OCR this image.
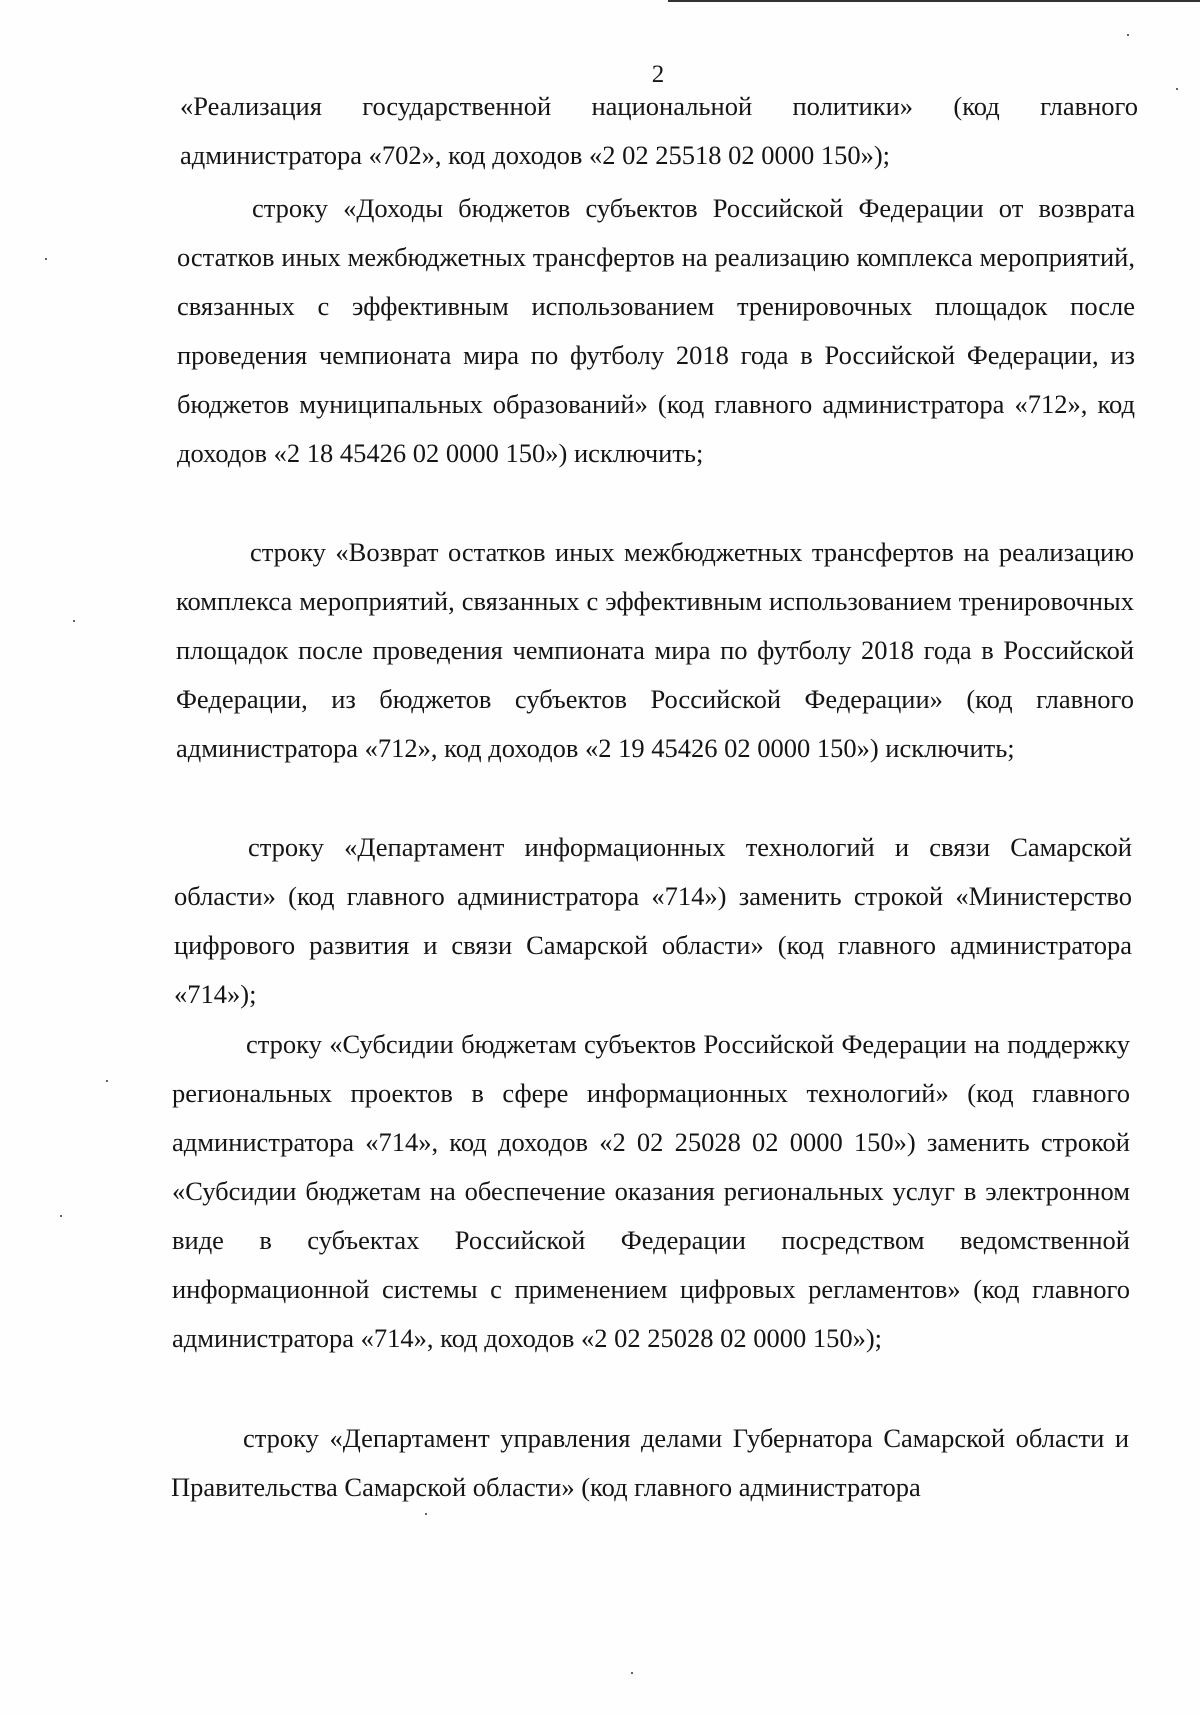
2

«Реализация государственной национальной политики» (код главного администратора «702», код доходов «2 02 25518 02 0000 150»);

строку «Доходы бюджетов субъектов Российской Федерации от возврата остатков иных межбюджетных трансфертов на реализацию комплекса мероприятий, связанных с эффективным использованием тренировочных площадок после проведения чемпионата мира по футболу 2018 года в Российской Федерации, из бюджетов муниципальных образований» (код главного администратора «712», код доходов «2 18 45426 02 0000 150») исключить;

строку «Возврат остатков иных межбюджетных трансфертов на реализацию комплекса мероприятий, связанных с эффективным использованием тренировочных площадок после проведения чемпионата мира по футболу 2018 года в Российской Федерации, из бюджетов субъектов Российской Федерации» (код главного администратора «712», код доходов «2 19 45426 02 0000 150») исключить;

строку «Департамент информационных технологий и связи Самарской области» (код главного администратора «714») заменить строкой «Министерство цифрового развития и связи Самарской области» (код главного администратора «714»);

строку «Субсидии бюджетам субъектов Российской Федерации на поддержку региональных проектов в сфере информационных технологий» (код главного администратора «714», код доходов «2 02 25028 02 0000 150») заменить строкой «Субсидии бюджетам на обеспечение оказания региональных услуг в электронном виде в субъектах Российской Федерации посредством ведомственной информационной системы с применением цифровых регламентов» (код главного администратора «714», код доходов «2 02 25028 02 0000 150»);

строку «Департамент управления делами Губернатора Самарской области и Правительства Самарской области» (код главного администратора
